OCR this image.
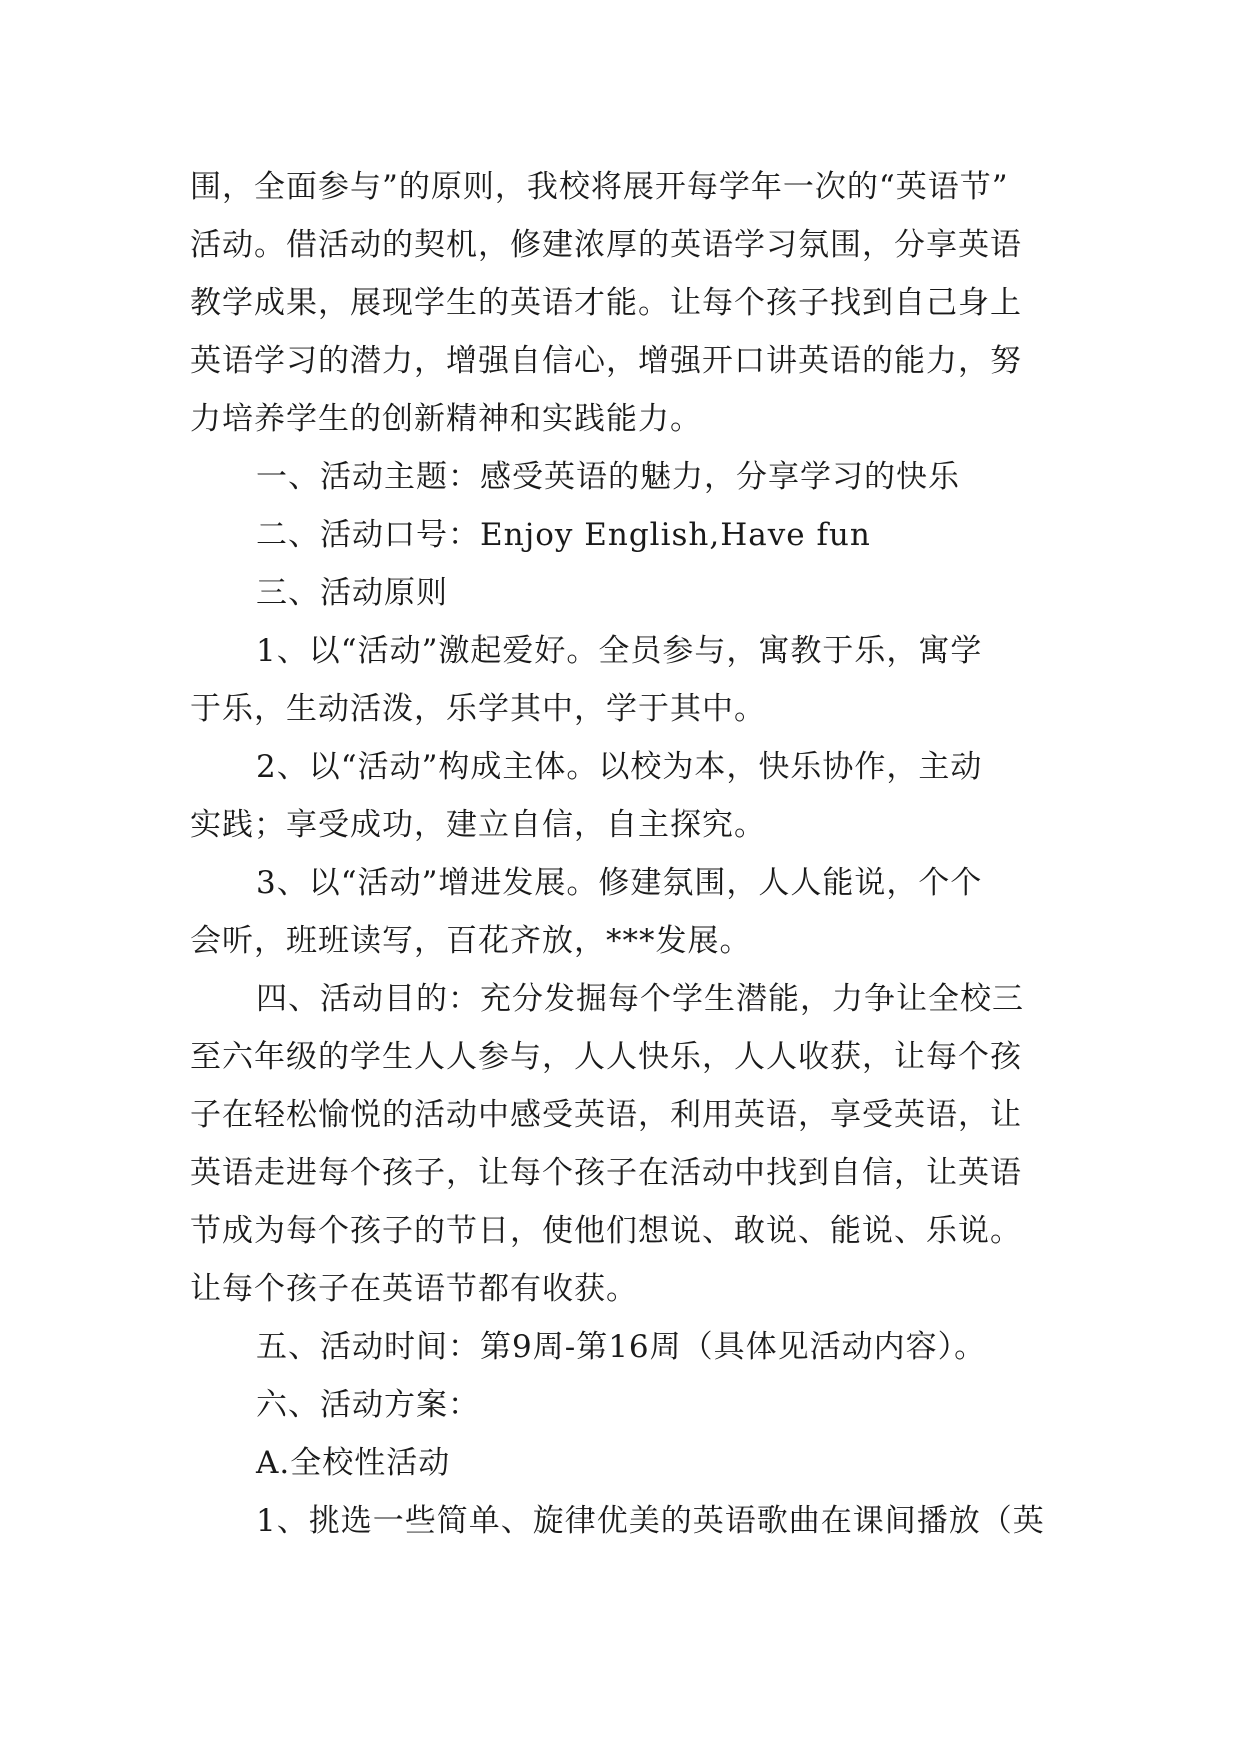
围，全面参与”的原则，我校将展开每学年一次的“英语节”
活动。借活动的契机，修建浓厚的英语学习氛围，分享英语
教学成果，展现学生的英语才能。让每个孩子找到自己身上
英语学习的潜力，增强自信心，增强开口讲英语的能力，努
力培养学生的创新精神和实践能力。
一、活动主题：感受英语的魅力，分享学习的快乐
二、活动口号：Enjoy English,Have fun
三、活动原则
1、以“活动”激起爱好。全员参与，寓教于乐，寓学
于乐，生动活泼，乐学其中，学于其中。
2、以“活动”构成主体。以校为本，快乐协作，主动
实践；享受成功，建立自信，自主探究。
3、以“活动”增进发展。修建氛围，人人能说，个个
会听，班班读写，百花齐放，***发展。
四、活动目的：充分发掘每个学生潜能，力争让全校三
至六年级的学生人人参与，人人快乐，人人收获，让每个孩
子在轻松愉悦的活动中感受英语，利用英语，享受英语，让
英语走进每个孩子，让每个孩子在活动中找到自信，让英语
节成为每个孩子的节日，使他们想说、敢说、能说、乐说。
让每个孩子在英语节都有收获。
五、活动时间：第9周-第16周（具体见活动内容）。
六、活动方案：
A.全校性活动
1、挑选一些简单、旋律优美的英语歌曲在课间播放（英
